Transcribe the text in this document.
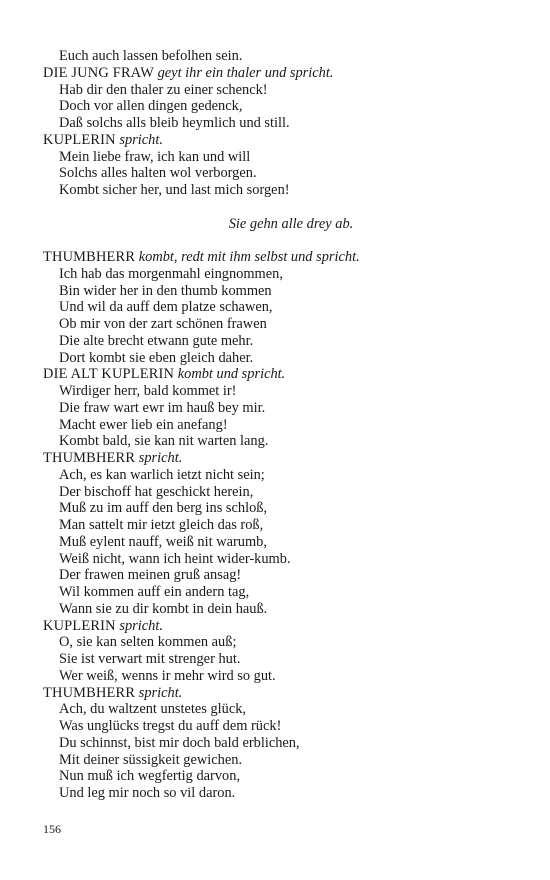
Euch auch lassen befolhen sein.
DIE JUNG FRAW geyt ihr ein thaler und spricht.
Hab dir den thaler zu einer schenck!
Doch vor allen dingen gedenck,
Daß solchs alls bleib heymlich und still.
KUPLERIN spricht.
Mein liebe fraw, ich kan und will
Solchs alles halten wol verborgen.
Kombt sicher her, und last mich sorgen!
Sie gehn alle drey ab.
THUMBHERR kombt, redt mit ihm selbst und spricht.
Ich hab das morgenmahl eingnommen,
Bin wider her in den thumb kommen
Und wil da auff dem platze schawen,
Ob mir von der zart schönen frawen
Die alte brecht etwann gute mehr.
Dort kombt sie eben gleich daher.
DIE ALT KUPLERIN kombt und spricht.
Wirdiger herr, bald kommet ir!
Die fraw wart ewr im hauß bey mir.
Macht ewer lieb ein anefang!
Kombt bald, sie kan nit warten lang.
THUMBHERR spricht.
Ach, es kan warlich ietzt nicht sein;
Der bischoff hat geschickt herein,
Muß zu im auff den berg ins schloß,
Man sattelt mir ietzt gleich das roß,
Muß eylent nauff, weiß nit warumb,
Weiß nicht, wann ich heint wider-kumb.
Der frawen meinen gruß ansag!
Wil kommen auff ein andern tag,
Wann sie zu dir kombt in dein hauß.
KUPLERIN spricht.
O, sie kan selten kommen auß;
Sie ist verwart mit strenger hut.
Wer weiß, wenns ir mehr wird so gut.
THUMBHERR spricht.
Ach, du waltzent unstetes glück,
Was unglücks tregst du auff dem rück!
Du schinnst, bist mir doch bald erblichen,
Mit deiner süssigkeit gewichen.
Nun muß ich wegfertig darvon,
Und leg mir noch so vil daron.
156
